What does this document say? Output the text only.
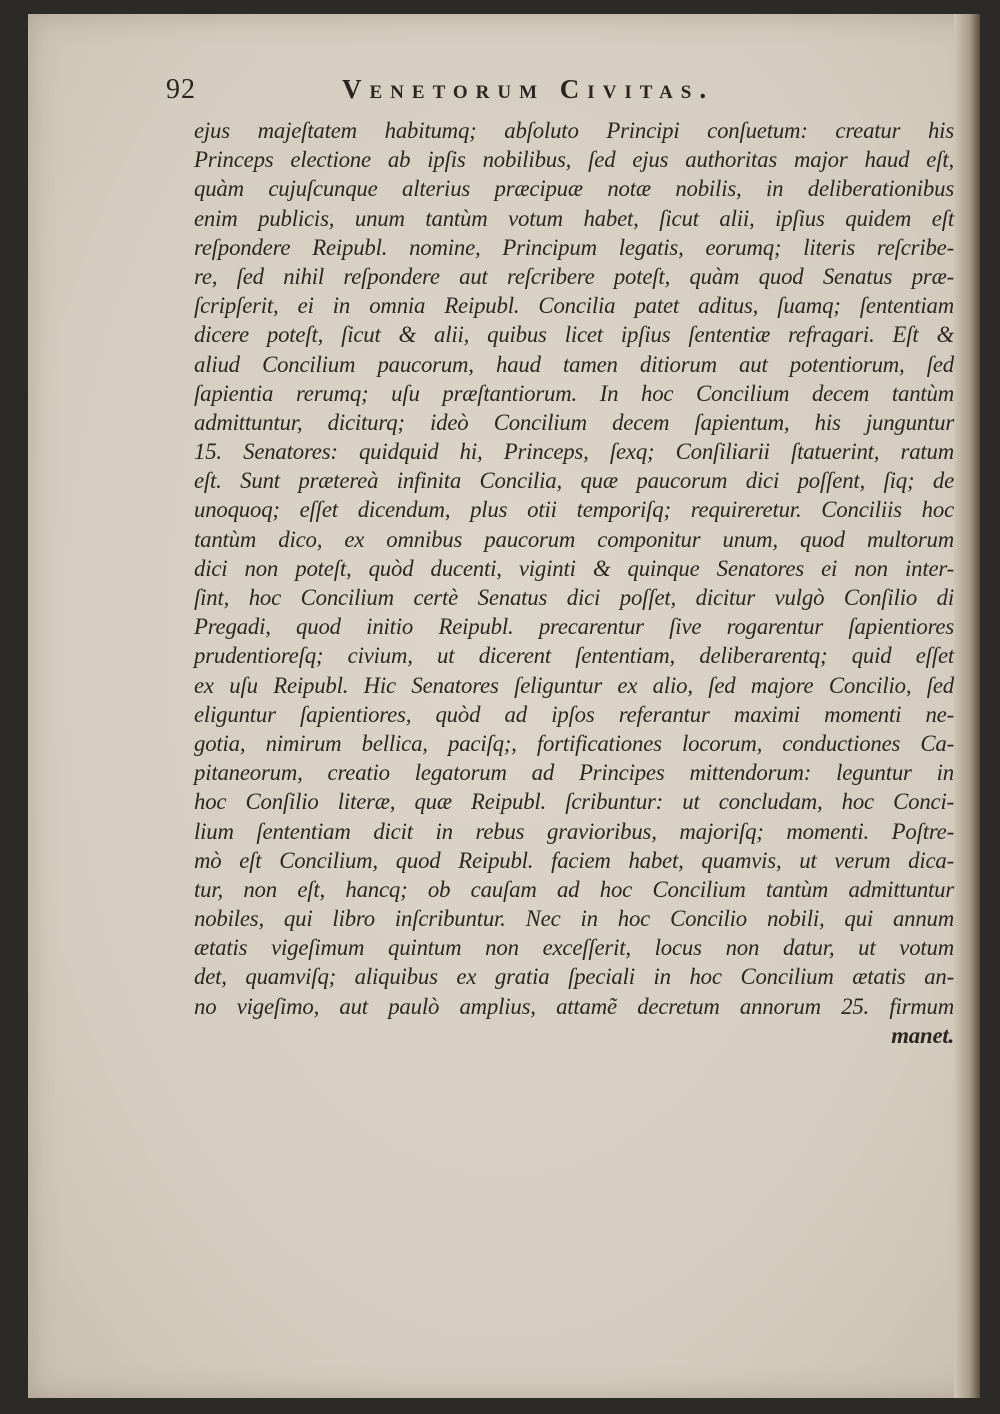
92	Venetorum Civitas.
ejus majeſtatem habitumq; abſoluto Principi conſuetum: creatur his
Princeps electione ab ipſis nobilibus, ſed ejus authoritas major haud eſt,
quàm cujuſcunque alterius præcipuæ notæ nobilis, in deliberationibus
enim publicis, unum tantùm votum habet, ſicut alii, ipſius quidem eſt
reſpondere Reipubl. nomine, Principum legatis, eorumq; literis reſcribe-
re, ſed nihil reſpondere aut reſcribere poteſt, quàm quod Senatus præ-
ſcripſerit, ei in omnia Reipubl. Concilia patet aditus, ſuamq; ſententiam
dicere poteſt, ſicut & alii, quibus licet ipſius ſententiæ refragari. Eſt &
aliud Concilium paucorum, haud tamen ditiorum aut potentiorum, ſed
ſapientia rerumq; uſu præſtantiorum. In hoc Concilium decem tantùm
admittuntur, diciturq; ideò Concilium decem ſapientum, his junguntur
15. Senatores: quidquid hi, Princeps, ſexq; Conſiliarii ſtatuerint, ratum
eſt. Sunt prætereà infinita Concilia, quæ paucorum dici poſſent, ſiq; de
unoquoq; eſſet dicendum, plus otii temporiſq; requireretur. Conciliis hoc
tantùm dico, ex omnibus paucorum componitur unum, quod multorum
dici non poteſt, quòd ducenti, viginti & quinque Senatores ei non inter-
ſint, hoc Concilium certè Senatus dici poſſet, dicitur vulgò Conſilio di
Pregadi, quod initio Reipubl. precarentur ſive rogarentur ſapientiores
prudentioreſq; civium, ut dicerent ſententiam, deliberarentq; quid eſſet
ex uſu Reipubl. Hic Senatores ſeliguntur ex alio, ſed majore Concilio, ſed
eliguntur ſapientiores, quòd ad ipſos referantur maximi momenti ne-
gotia, nimirum bellica, paciſq;, fortificationes locorum, conductiones Ca-
pitaneorum, creatio legatorum ad Principes mittendorum: leguntur in
hoc Conſilio literæ, quæ Reipubl. ſcribuntur: ut concludam, hoc Conci-
lium ſententiam dicit in rebus gravioribus, majoriſq; momenti. Poſtre-
mò eſt Concilium, quod Reipubl. faciem habet, quamvis, ut verum dica-
tur, non eſt, hancq; ob cauſam ad hoc Concilium tantùm admittuntur
nobiles, qui libro inſcribuntur. Nec in hoc Concilio nobili, qui annum
ætatis vigeſimum quintum non exceſſerit, locus non datur, ut votum
det, quamviſq; aliquibus ex gratia ſpeciali in hoc Concilium ætatis an-
no vigeſimo, aut paulò amplius, attamẽ decretum annorum 25. firmum
manet.
